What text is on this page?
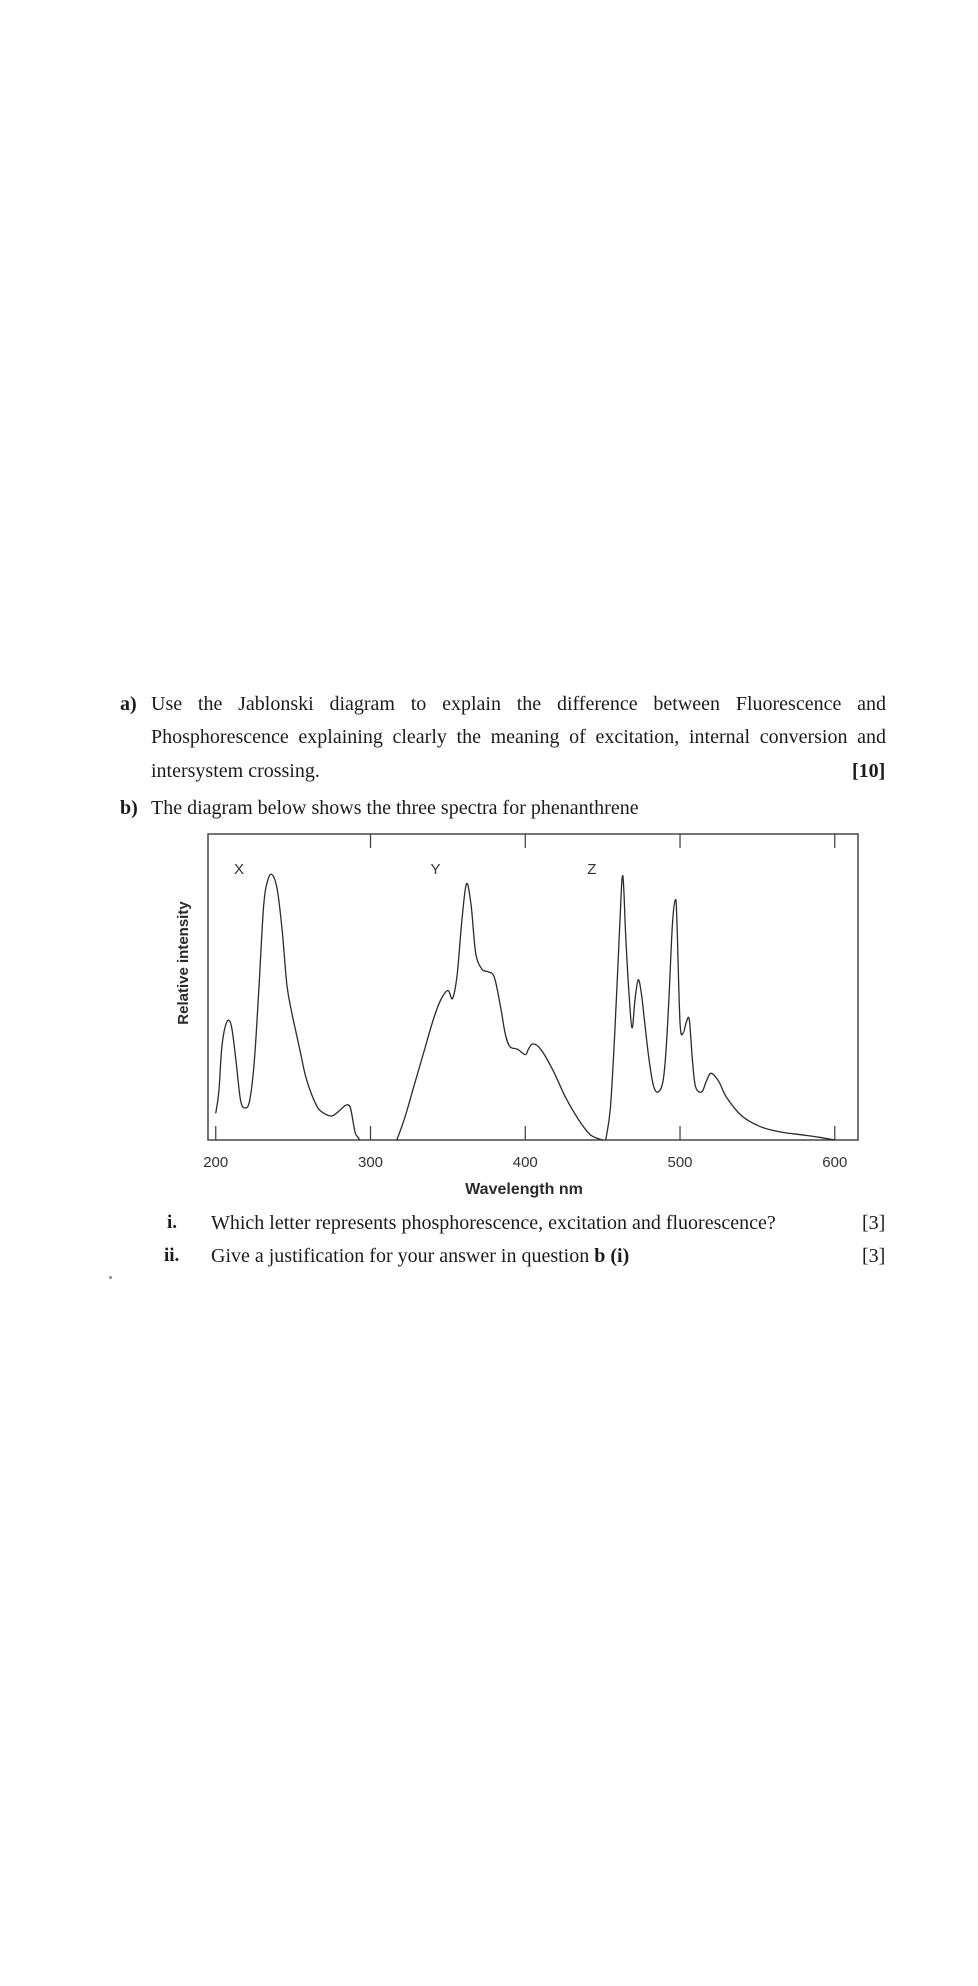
a) Use the Jablonski diagram to explain the difference between Fluorescence and
Phosphorescence explaining clearly the meaning of excitation, internal conversion and
intersystem crossing.	[10]
b) The diagram below shows the three spectra for phenanthrene
X	Y	Z
200	300	400	500	600
Relative intensity
Wavelength nm
i. Which letter represents phosphorescence, excitation and fluorescence?	[3]
ii. Give a justification for your answer in question b (i)	[3]
